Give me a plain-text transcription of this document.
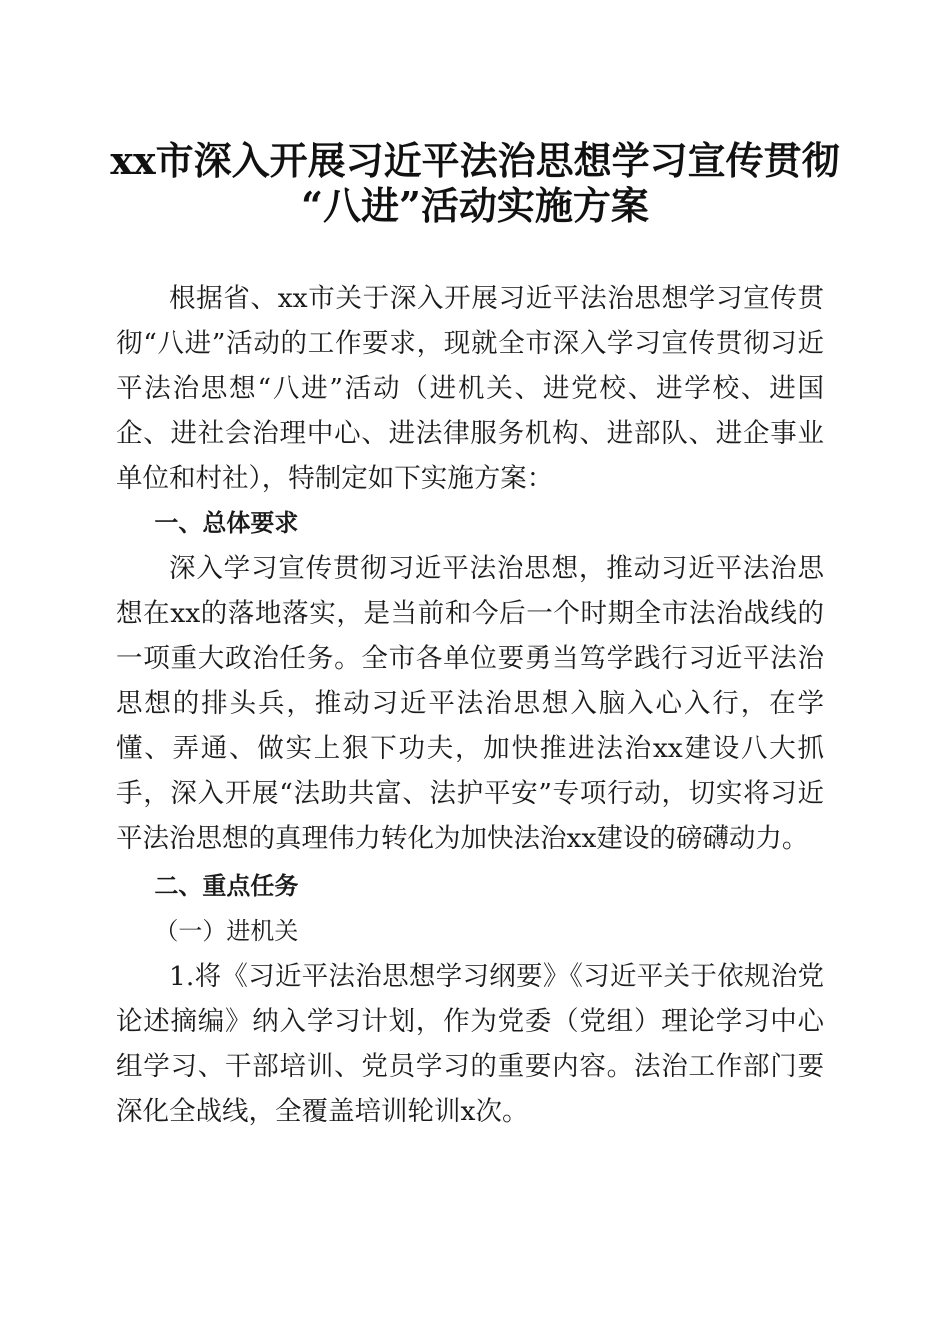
xx市深入开展习近平法治思想学习宣传贯彻
“八进”活动实施方案

根据省、xx市关于深入开展习近平法治思想学习宣传贯彻“八进”活动的工作要求，现就全市深入学习宣传贯彻习近平法治思想“八进”活动（进机关、进党校、进学校、进国企、进社会治理中心、进法律服务机构、进部队、进企事业单位和村社），特制定如下实施方案：

一、总体要求

深入学习宣传贯彻习近平法治思想，推动习近平法治思想在xx的落地落实，是当前和今后一个时期全市法治战线的一项重大政治任务。全市各单位要勇当笃学践行习近平法治思想的排头兵，推动习近平法治思想入脑入心入行，在学懂、弄通、做实上狠下功夫，加快推进法治xx建设八大抓手，深入开展“法助共富、法护平安”专项行动，切实将习近平法治思想的真理伟力转化为加快法治xx建设的磅礴动力。

二、重点任务

（一）进机关

1.将《习近平法治思想学习纲要》《习近平关于依规治党论述摘编》纳入学习计划，作为党委（党组）理论学习中心组学习、干部培训、党员学习的重要内容。法治工作部门要深化全战线，全覆盖培训轮训x次。
